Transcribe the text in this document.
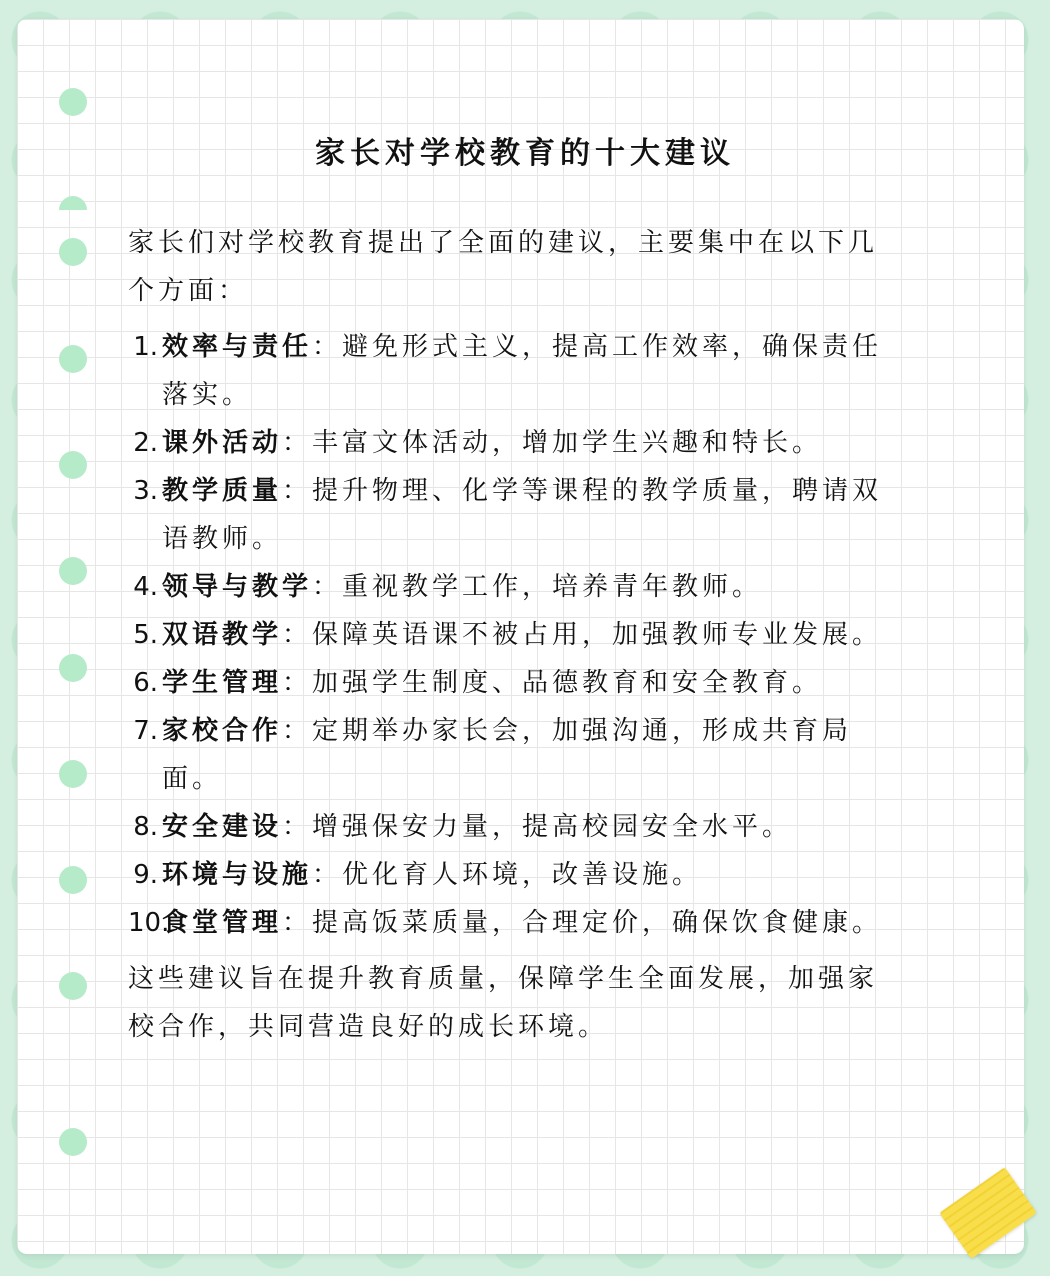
家长对学校教育的十大建议

家长们对学校教育提出了全面的建议，主要集中在以下几个方面：

1. 效率与责任：避免形式主义，提高工作效率，确保责任落实。
2. 课外活动：丰富文体活动，增加学生兴趣和特长。
3. 教学质量：提升物理、化学等课程的教学质量，聘请双语教师。
4. 领导与教学：重视教学工作，培养青年教师。
5. 双语教学：保障英语课不被占用，加强教师专业发展。
6. 学生管理：加强学生制度、品德教育和安全教育。
7. 家校合作：定期举办家长会，加强沟通，形成共育局面。
8. 安全建设：增强保安力量，提高校园安全水平。
9. 环境与设施：优化育人环境，改善设施。
10.
食堂管理：提高饭菜质量，合理定价，确保饮食健康。

这些建议旨在提升教育质量，保障学生全面发展，加强家校合作，共同营造良好的成长环境。
